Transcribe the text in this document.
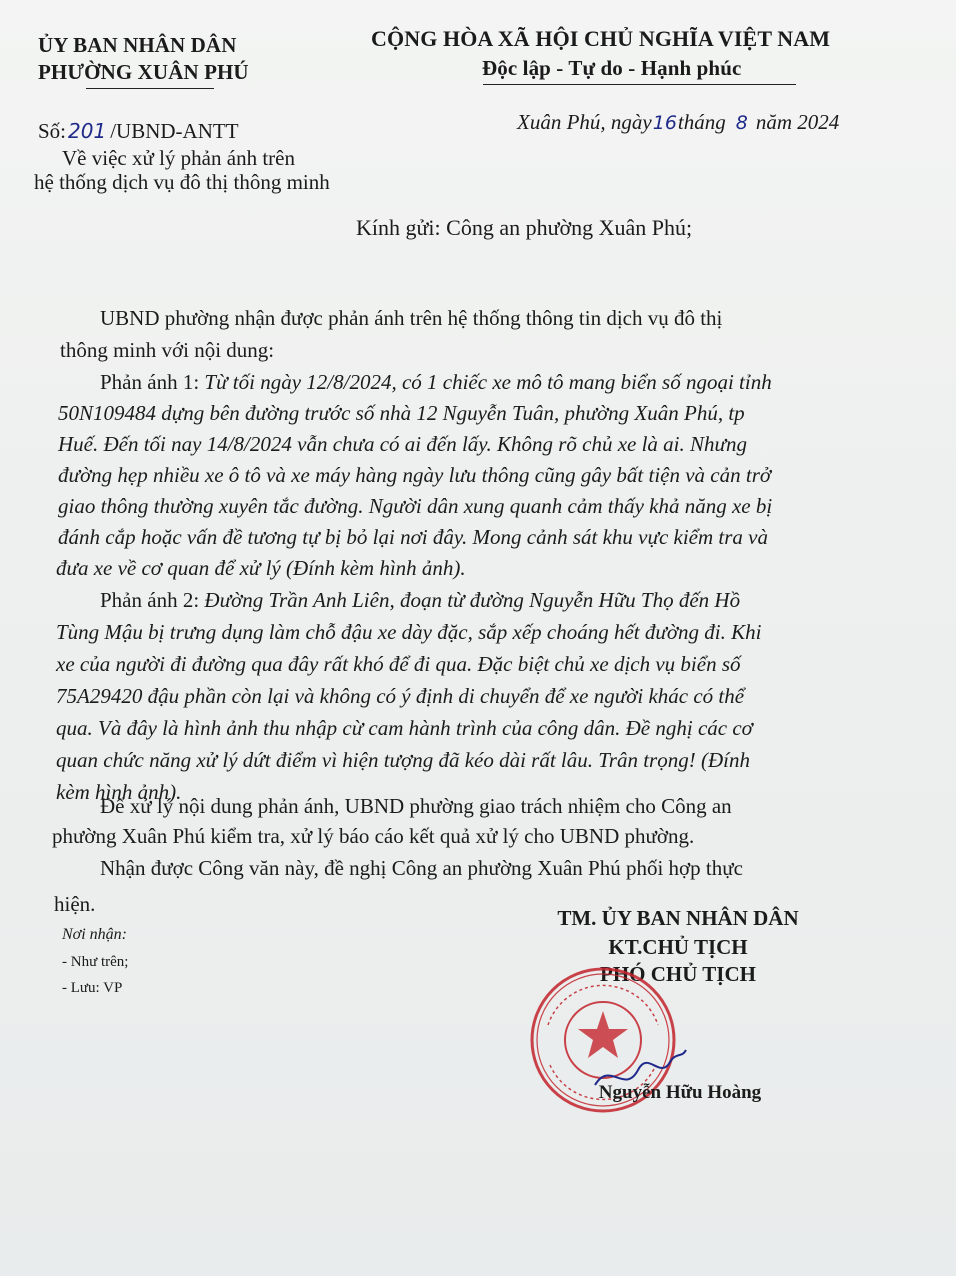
ỦY BAN NHÂN DÂN
PHƯỜNG XUÂN PHÚ
CỘNG HÒA XÃ HỘI CHỦ NGHĨA VIỆT NAM
Độc lập - Tự do - Hạnh phúc
Số: 201 /UBND-ANTT
Về việc xử lý phản ánh trên
hệ thống dịch vụ đô thị thông minh
Xuân Phú, ngày16tháng 8 năm 2024
Kính gửi: Công an phường Xuân Phú;
UBND phường nhận được phản ánh trên hệ thống thông tin dịch vụ đô thị
thông minh với nội dung:
Phản ánh 1: Từ tối ngày 12/8/2024, có 1 chiếc xe mô tô mang biển số ngoại tỉnh
50N109484 dựng bên đường trước số nhà 12 Nguyễn Tuân, phường Xuân Phú, tp
Huế. Đến tối nay 14/8/2024 vẫn chưa có ai đến lấy. Không rõ chủ xe là ai. Nhưng
đường hẹp nhiều xe ô tô và xe máy hàng ngày lưu thông cũng gây bất tiện và cản trở
giao thông thường xuyên tắc đường. Người dân xung quanh cảm thấy khả năng xe bị
đánh cắp hoặc vấn đề tương tự bị bỏ lại nơi đây. Mong cảnh sát khu vực kiểm tra và
đưa xe về cơ quan để xử lý (Đính kèm hình ảnh).
Phản ánh 2: Đường Trần Anh Liên, đoạn từ đường Nguyễn Hữu Thọ đến Hồ
Tùng Mậu bị trưng dụng làm chỗ đậu xe dày đặc, sắp xếp choáng hết đường đi. Khi
xe của người đi đường qua đây rất khó để đi qua. Đặc biệt chủ xe dịch vụ biển số
75A29420 đậu phần còn lại và không có ý định di chuyển để xe người khác có thể
qua. Và đây là hình ảnh thu nhập cừ cam hành trình của công dân. Đề nghị các cơ
quan chức năng xử lý dứt điểm vì hiện tượng đã kéo dài rất lâu. Trân trọng! (Đính
kèm hình ảnh).
Để xử lý nội dung phản ánh, UBND phường giao trách nhiệm cho Công an
phường Xuân Phú kiểm tra, xử lý báo cáo kết quả xử lý cho UBND phường.
Nhận được Công văn này, đề nghị Công an phường Xuân Phú phối hợp thực
hiện.
Nơi nhận:
- Như trên;
- Lưu: VP
TM. ỦY BAN NHÂN DÂN
KT.CHỦ TỊCH
PHÓ CHỦ TỊCH
Nguyễn Hữu Hoàng
